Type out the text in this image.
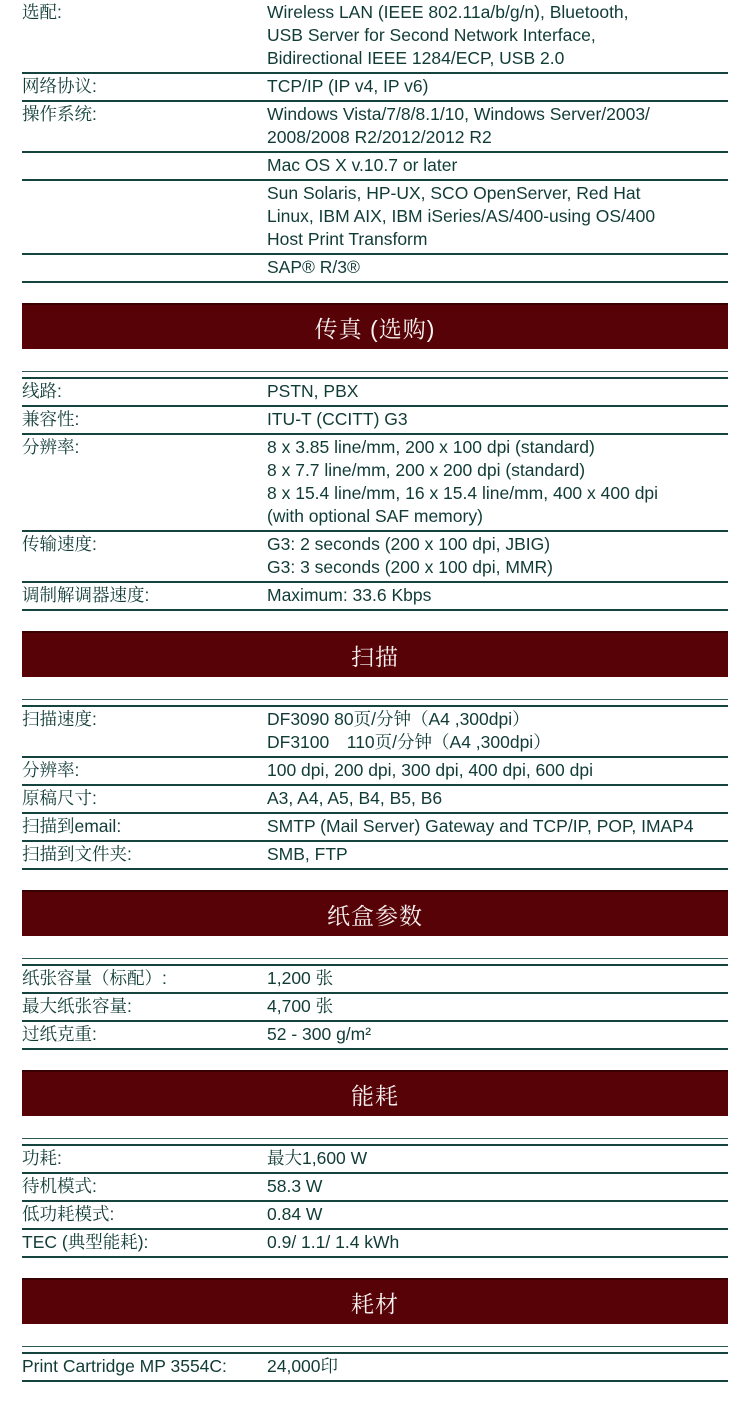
选配:	Wireless LAN (IEEE 802.11a/b/g/n), Bluetooth,
USB Server for Second Network Interface,
Bidirectional IEEE 1284/ECP, USB 2.0
网络协议:	TCP/IP (IP v4, IP v6)
操作系统:	Windows Vista/7/8/8.1/10, Windows Server/2003/
2008/2008 R2/2012/2012 R2
Mac OS X v.10.7 or later
Sun Solaris, HP-UX, SCO OpenServer, Red Hat
Linux, IBM AIX, IBM iSeries/AS/400-using OS/400
Host Print Transform
SAP® R/3®
传真 (选购)
线路:	PSTN, PBX
兼容性:	ITU-T (CCITT) G3
分辨率:	8 x 3.85 line/mm, 200 x 100 dpi (standard)
8 x 7.7 line/mm, 200 x 200 dpi (standard)
8 x 15.4 line/mm, 16 x 15.4 line/mm, 400 x 400 dpi
(with optional SAF memory)
传输速度:	G3: 2 seconds (200 x 100 dpi, JBIG)
G3: 3 seconds (200 x 100 dpi, MMR)
调制解调器速度:	Maximum: 33.6 Kbps
扫描
扫描速度:	DF3090 80页/分钟（A4 ,300dpi）
DF3100　110页/分钟（A4 ,300dpi）
分辨率:	100 dpi, 200 dpi, 300 dpi, 400 dpi, 600 dpi
原稿尺寸:	A3, A4, A5, B4, B5, B6
扫描到email:	SMTP (Mail Server) Gateway and TCP/IP, POP, IMAP4
扫描到文件夹:	SMB, FTP
纸盒参数
纸张容量（标配）:	1,200 张
最大纸张容量:	4,700 张
过纸克重:	52 - 300 g/m²
能耗
功耗:	最大1,600 W
待机模式:	58.3 W
低功耗模式:	0.84 W
TEC (典型能耗):	0.9/ 1.1/ 1.4 kWh
耗材
Print Cartridge MP 3554C:	24,000印
